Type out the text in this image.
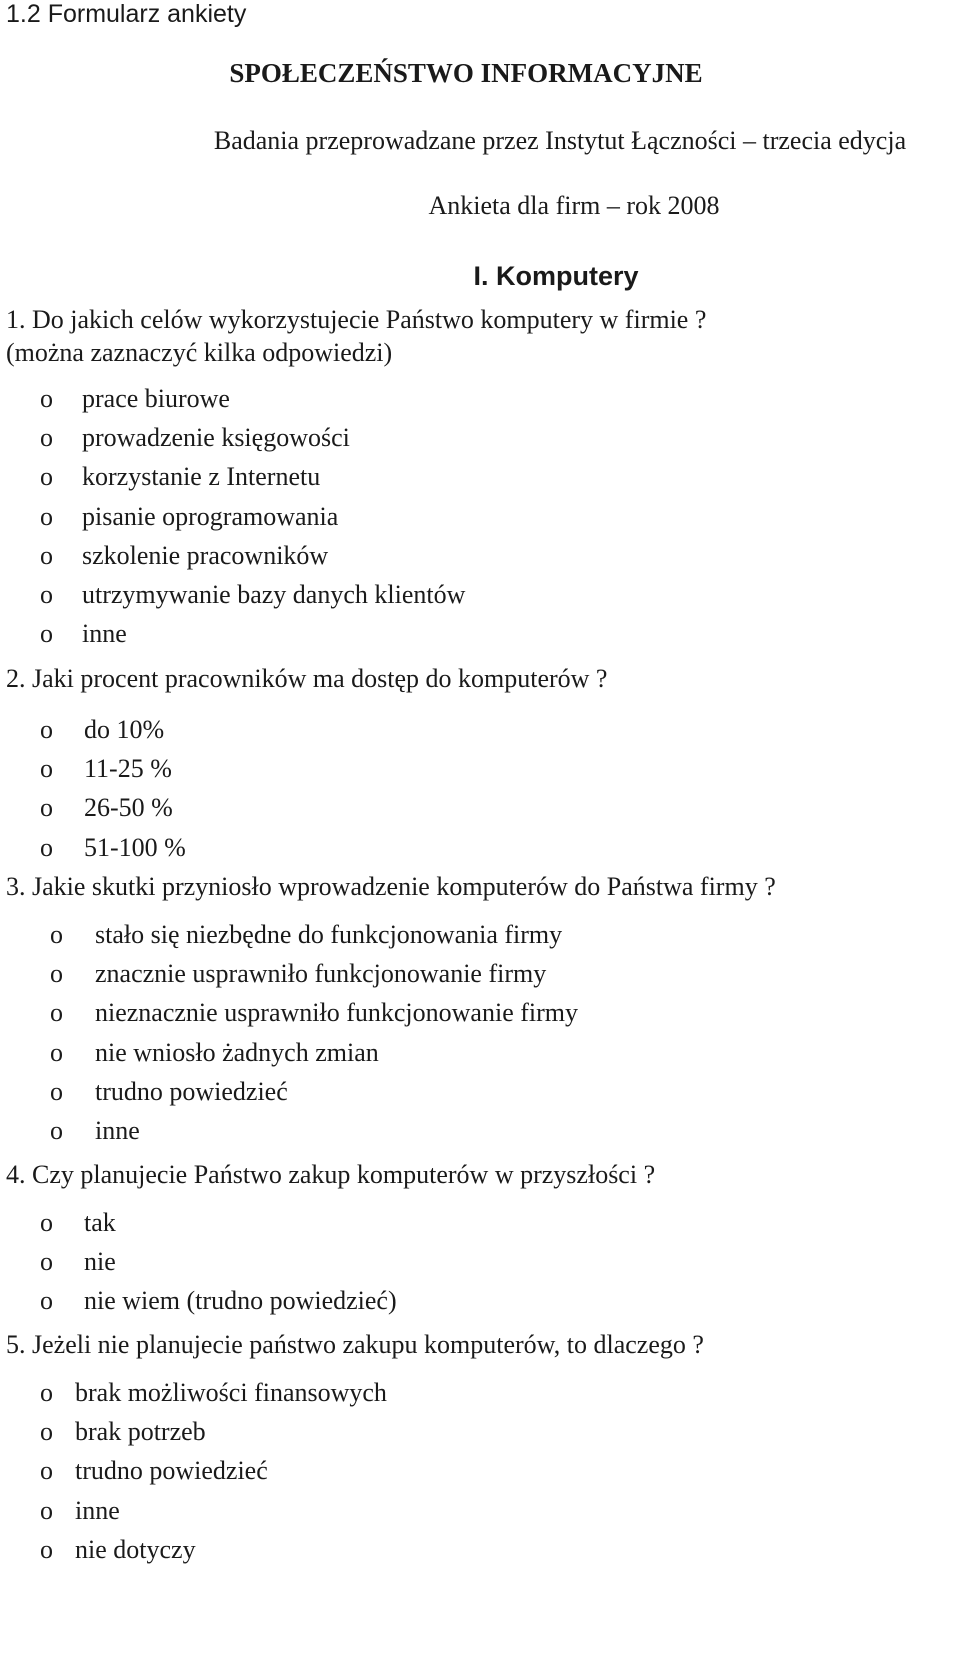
1.2 Formularz ankiety
SPOŁECZEŃSTWO INFORMACYJNE
Badania przeprowadzane przez Instytut Łączności – trzecia edycja
Ankieta dla firm – rok 2008
I. Komputery
1. Do jakich celów wykorzystujecie Państwo komputery w firmie ?
(można zaznaczyć kilka odpowiedzi)
o prace biurowe
o prowadzenie księgowości
o korzystanie z Internetu
o pisanie oprogramowania
o szkolenie pracowników
o utrzymywanie bazy danych klientów
o inne
2. Jaki procent pracowników ma dostęp do komputerów ?
o do 10%
o 11-25 %
o 26-50 %
o 51-100 %
3. Jakie skutki przyniosło wprowadzenie komputerów do Państwa firmy ?
o stało się niezbędne do funkcjonowania firmy
o znacznie usprawniło funkcjonowanie firmy
o nieznacznie usprawniło funkcjonowanie firmy
o nie wniosło żadnych zmian
o trudno powiedzieć
o inne
4. Czy planujecie Państwo zakup komputerów w przyszłości ?
o tak
o nie
o nie wiem (trudno powiedzieć)
5. Jeżeli nie planujecie państwo zakupu komputerów, to dlaczego ?
o brak możliwości finansowych
o brak potrzeb
o trudno powiedzieć
o inne
o nie dotyczy
